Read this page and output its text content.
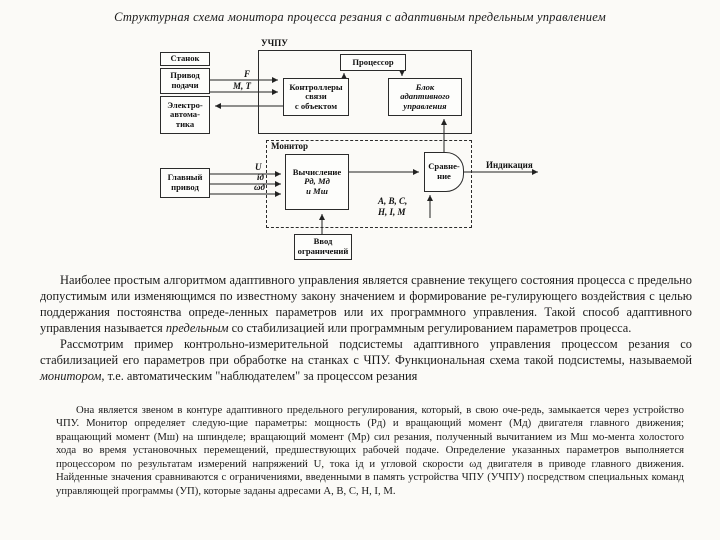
Структурная схема монитора процесса резания с адаптивным предельным управлением
УЧПУ
Станок
Привод
подачи
Электро-
автома-
тика
Главный
привод
Процессор
Контроллеры
связи
с объектом
Блок
адаптивного
управления
Монитор
Вычисление
Pд, Mд
и Mш
Сравне-
ние
Ввод
ограничений
F
M, T
U
iд
ωд
A, B, C,
H, I, M
Индикация

Наиболее простым алгоритмом адаптивного управления является сравнение текущего состояния процесса с предельно допустимым или изменяющимся по известному закону значением и формирование ре-гулирующего воздействия с целью поддержания постоянства опреде-ленных параметров или их программного управления. Такой способ адаптивного управления называется предельным со стабилизацией или программным регулированием параметров процесса.

Рассмотрим пример контрольно-измерительной подсистемы адаптивного управления процессом резания со стабилизацией его параметров при обработке на станках с ЧПУ. Функциональная схема такой подсистемы, называемой монитором, т.е. автоматическим "наблюдателем" за процессом резания

Она является звеном в контуре адаптивного предельного регулирования, который, в свою оче-редь, замыкается через устройство ЧПУ. Монитор определяет следую-щие параметры: мощность (Pд) и вращающий момент (Mд) двигателя главного движения; вращающий момент (Mш) на шпинделе; вращающий момент (Mр) сил резания, полученный вычитанием из Mш мо-мента холостого хода во время установочных перемещений, предшествующих рабочей подаче. Определение указанных параметров выполняется процессором по результатам измерений напряжений U, тока iд и угловой скорости ωд двигателя в приводе главного движения. Найденные значения сравниваются с ограничениями, введенными в память устройства ЧПУ (УЧПУ) посредством специальных команд управляющей программы (УП), которые заданы адресами A, B, C, H, I, M.
